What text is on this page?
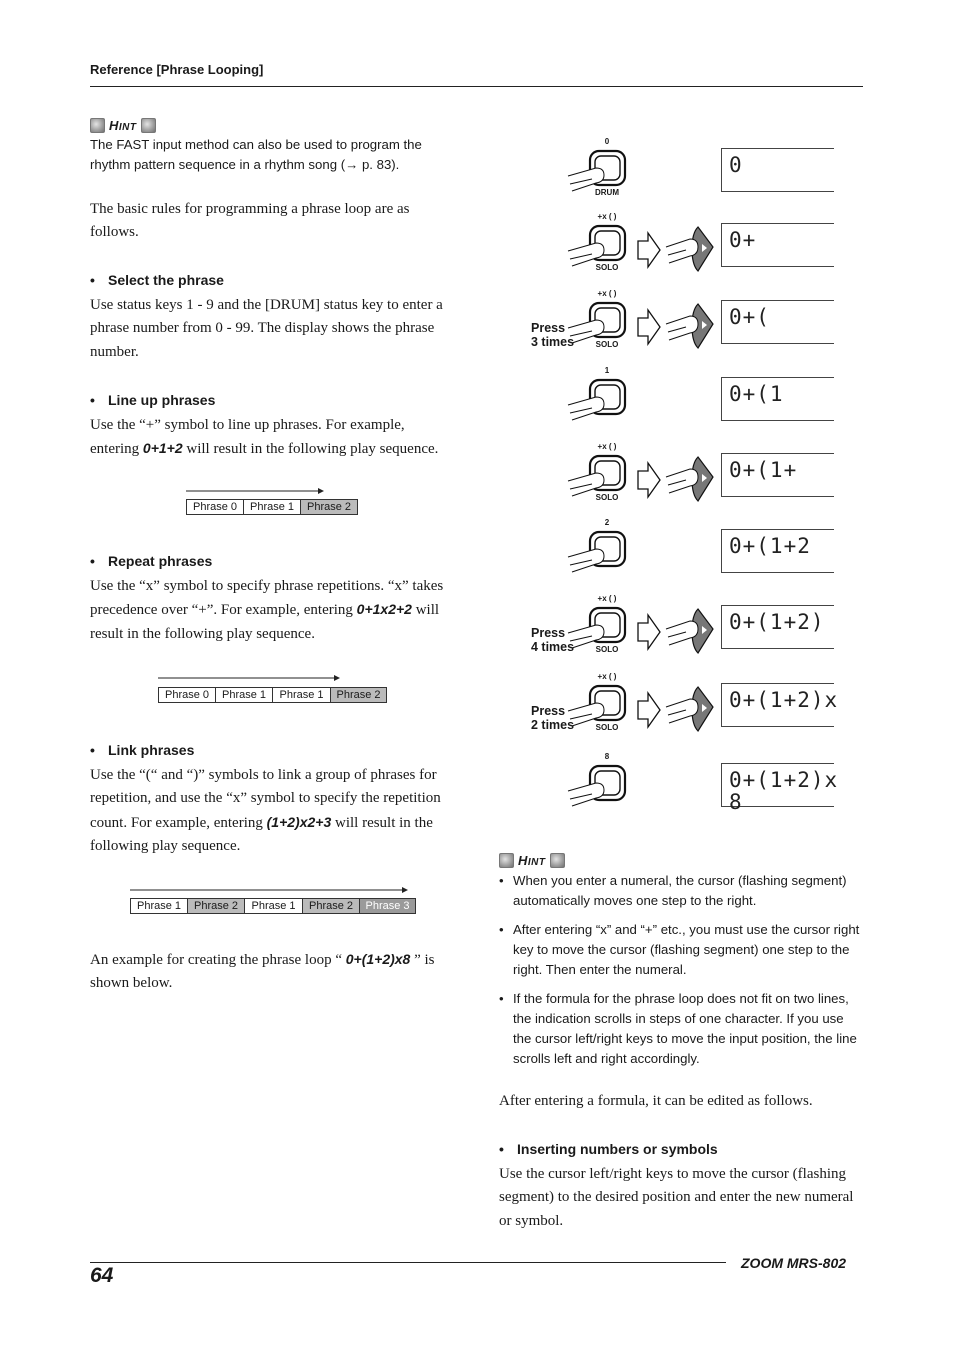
Reference [Phrase Looping]
HINT

The FAST input method can also be used to program the rhythm pattern sequence in a rhythm song (→ p. 83).

The basic rules for programming a phrase loop are as follows.

• Select the phrase

Use status keys 1 - 9 and the [DRUM] status key to enter a phrase number from 0 - 99. The display shows the phrase number.

• Line up phrases

Use the “+” symbol to line up phrases. For example, entering 0+1+2 will result in the following play sequence.

Phrase 0	Phrase 1	Phrase 2
• Repeat phrases

Use the “x” symbol to specify phrase repetitions. “x” takes precedence over “+”. For example, entering 0+1x2+2 will result in the following play sequence.

Phrase 0	Phrase 1	Phrase 1	Phrase 2
• Link phrases

Use the “(“ and “)” symbols to link a group of phrases for repetition, and use the “x” symbol to specify the repetition count. For example, entering (1+2)x2+3 will result in the following play sequence.

Phrase 1	Phrase 2	Phrase 1	Phrase 2	Phrase 3

An example for creating the phrase loop “ 0+(1+2)x8 ” is shown below.

0
DRUM
0
+x ( )
SOLO
0+
+x ( )
SOLO
Press
3 times
0+(
1
0+(1
+x ( )
SOLO
0+(1+
2
0+(1+2
+x ( )
SOLO
Press
4 times
0+(1+2)
+x ( )
SOLO
Press
2 times
0+(1+2)x
8
0+(1+2)x
8
HINT
• When you enter a numeral, the cursor (flashing segment) automatically moves one step to the right.
• After entering “x” and “+” etc., you must use the cursor right key to move the cursor (flashing segment) one step to the right. Then enter the numeral.
• If the formula for the phrase loop does not fit on two lines, the indication scrolls in steps of one character. If you use the cursor left/right keys to move the input position, the line scrolls left and right accordingly.

After entering a formula, it can be edited as follows.

• Inserting numbers or symbols

Use the cursor left/right keys to move the cursor (flashing segment) to the desired position and enter the new numeral or symbol.

64
ZOOM MRS-802
